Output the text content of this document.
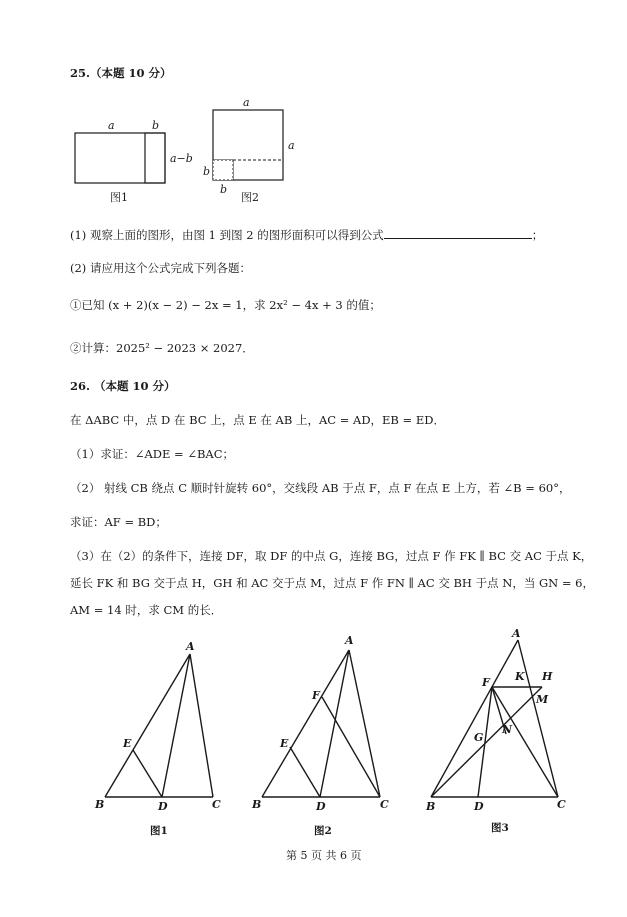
25.（本题 10 分）
a	b
a−b
图1
a
a
b
b
图2
(1) 观察上面的图形，由图 1 到图 2 的图形面积可以得到公式	；
(2) 请应用这个公式完成下列各题：
①已知 (x + 2)(x − 2) − 2x = 1，求 2x² − 4x + 3 的值；
②计算：2025² − 2023 × 2027．
26. （本题 10 分）
在 ΔABC 中，点 D 在 BC 上，点 E 在 AB 上，AC = AD，EB = ED．
（1）求证：∠ADE = ∠BAC；
（2） 射线 CB 绕点 C 顺时针旋转 60°，交线段 AB 于点 F，点 F 在点 E 上方，若 ∠B = 60°，
求证：AF = BD；
（3）在（2）的条件下，连接 DF，取 DF 的中点 G，连接 BG，过点 F 作 FK ∥ BC 交 AC 于点 K，
延长 FK 和 BG 交于点 H，GH 和 AC 交于点 M，过点 F 作 FN ∥ AC 交 BH 于点 N，当 GN = 6，
AM = 14 时，求 CM 的长．
A
B	C
D
E
图1
A
B	C
D
E
F
图2
A
B	C
D
F
G
H
K
M
N
图3
第 5 页 共 6 页
